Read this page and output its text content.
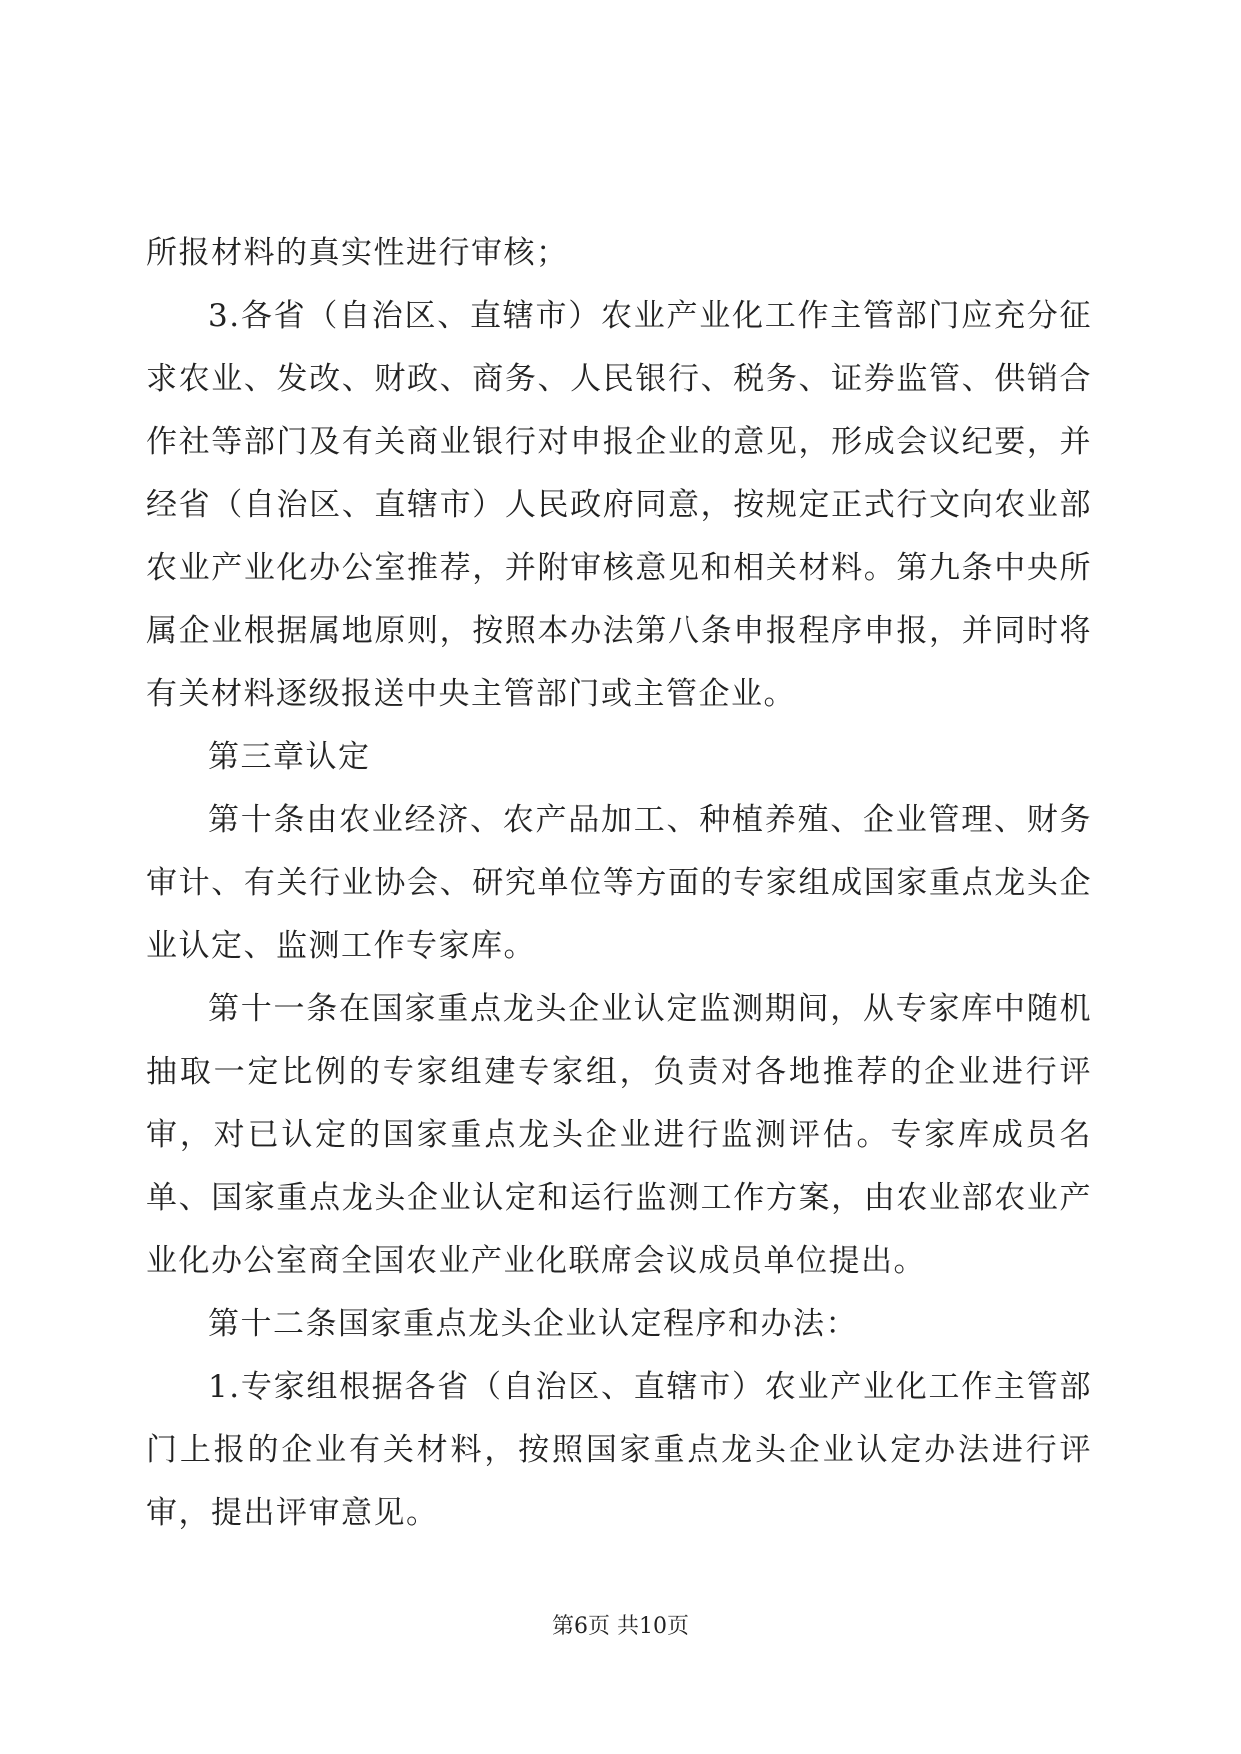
所报材料的真实性进行审核；

3.各省（自治区、直辖市）农业产业化工作主管部门应充分征求农业、发改、财政、商务、人民银行、税务、证券监管、供销合作社等部门及有关商业银行对申报企业的意见，形成会议纪要，并经省（自治区、直辖市）人民政府同意，按规定正式行文向农业部农业产业化办公室推荐，并附审核意见和相关材料。第九条中央所属企业根据属地原则，按照本办法第八条申报程序申报，并同时将有关材料逐级报送中央主管部门或主管企业。

第三章认定

第十条由农业经济、农产品加工、种植养殖、企业管理、财务审计、有关行业协会、研究单位等方面的专家组成国家重点龙头企业认定、监测工作专家库。

第十一条在国家重点龙头企业认定监测期间，从专家库中随机抽取一定比例的专家组建专家组，负责对各地推荐的企业进行评审，对已认定的国家重点龙头企业进行监测评估。专家库成员名单、国家重点龙头企业认定和运行监测工作方案，由农业部农业产业化办公室商全国农业产业化联席会议成员单位提出。

第十二条国家重点龙头企业认定程序和办法：

1.专家组根据各省（自治区、直辖市）农业产业化工作主管部门上报的企业有关材料，按照国家重点龙头企业认定办法进行评审，提出评审意见。

第6页 共10页
